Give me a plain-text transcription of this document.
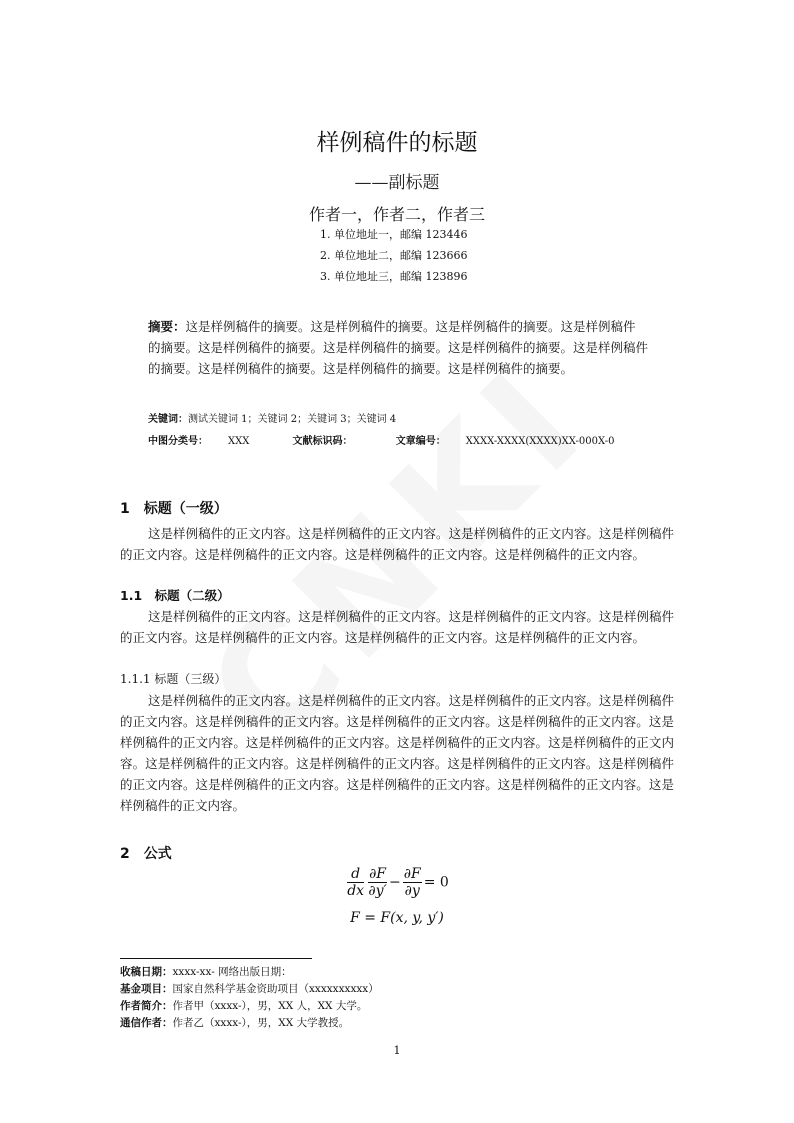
样例稿件的标题
——副标题
作者一，作者二，作者三
1. 单位地址一，邮编 123446
2. 单位地址二，邮编 123666
3. 单位地址三，邮编 123896
摘要：这是样例稿件的摘要。这是样例稿件的摘要。这是样例稿件的摘要。这是样例稿件的摘要。这是样例稿件的摘要。这是样例稿件的摘要。这是样例稿件的摘要。这是样例稿件的摘要。这是样例稿件的摘要。这是样例稿件的摘要。这是样例稿件的摘要。
关键词：测试关键词 1；关键词 2；关键词 3；关键词 4
中图分类号： XXX	文献标识码：	文章编号： XXXX-XXXX(XXXX)XX-000X-0
1　标题（一级）
这是样例稿件的正文内容。这是样例稿件的正文内容。这是样例稿件的正文内容。这是样例稿件的正文内容。这是样例稿件的正文内容。这是样例稿件的正文内容。这是样例稿件的正文内容。
1.1　标题（二级）
这是样例稿件的正文内容。这是样例稿件的正文内容。这是样例稿件的正文内容。这是样例稿件的正文内容。这是样例稿件的正文内容。这是样例稿件的正文内容。这是样例稿件的正文内容。
1.1.1 标题（三级）
这是样例稿件的正文内容。这是样例稿件的正文内容。这是样例稿件的正文内容。这是样例稿件的正文内容。这是样例稿件的正文内容。这是样例稿件的正文内容。这是样例稿件的正文内容。这是样例稿件的正文内容。这是样例稿件的正文内容。这是样例稿件的正文内容。这是样例稿件的正文内容。这是样例稿件的正文内容。这是样例稿件的正文内容。这是样例稿件的正文内容。这是样例稿件的正文内容。这是样例稿件的正文内容。这是样例稿件的正文内容。这是样例稿件的正文内容。这是样例稿件的正文内容。
2　公式
$\frac{d}{dx} \frac{\partial F}{\partial y'} - \frac{\partial F}{\partial y} = 0$
F = F(x, y, y′)
收稿日期：xxxx-xx- 网络出版日期：
基金项目：国家自然科学基金资助项目（xxxxxxxxxx）
作者简介：作者甲（xxxx-），男，XX 人，XX 大学。
通信作者：作者乙（xxxx-），男，XX 大学教授。
1
